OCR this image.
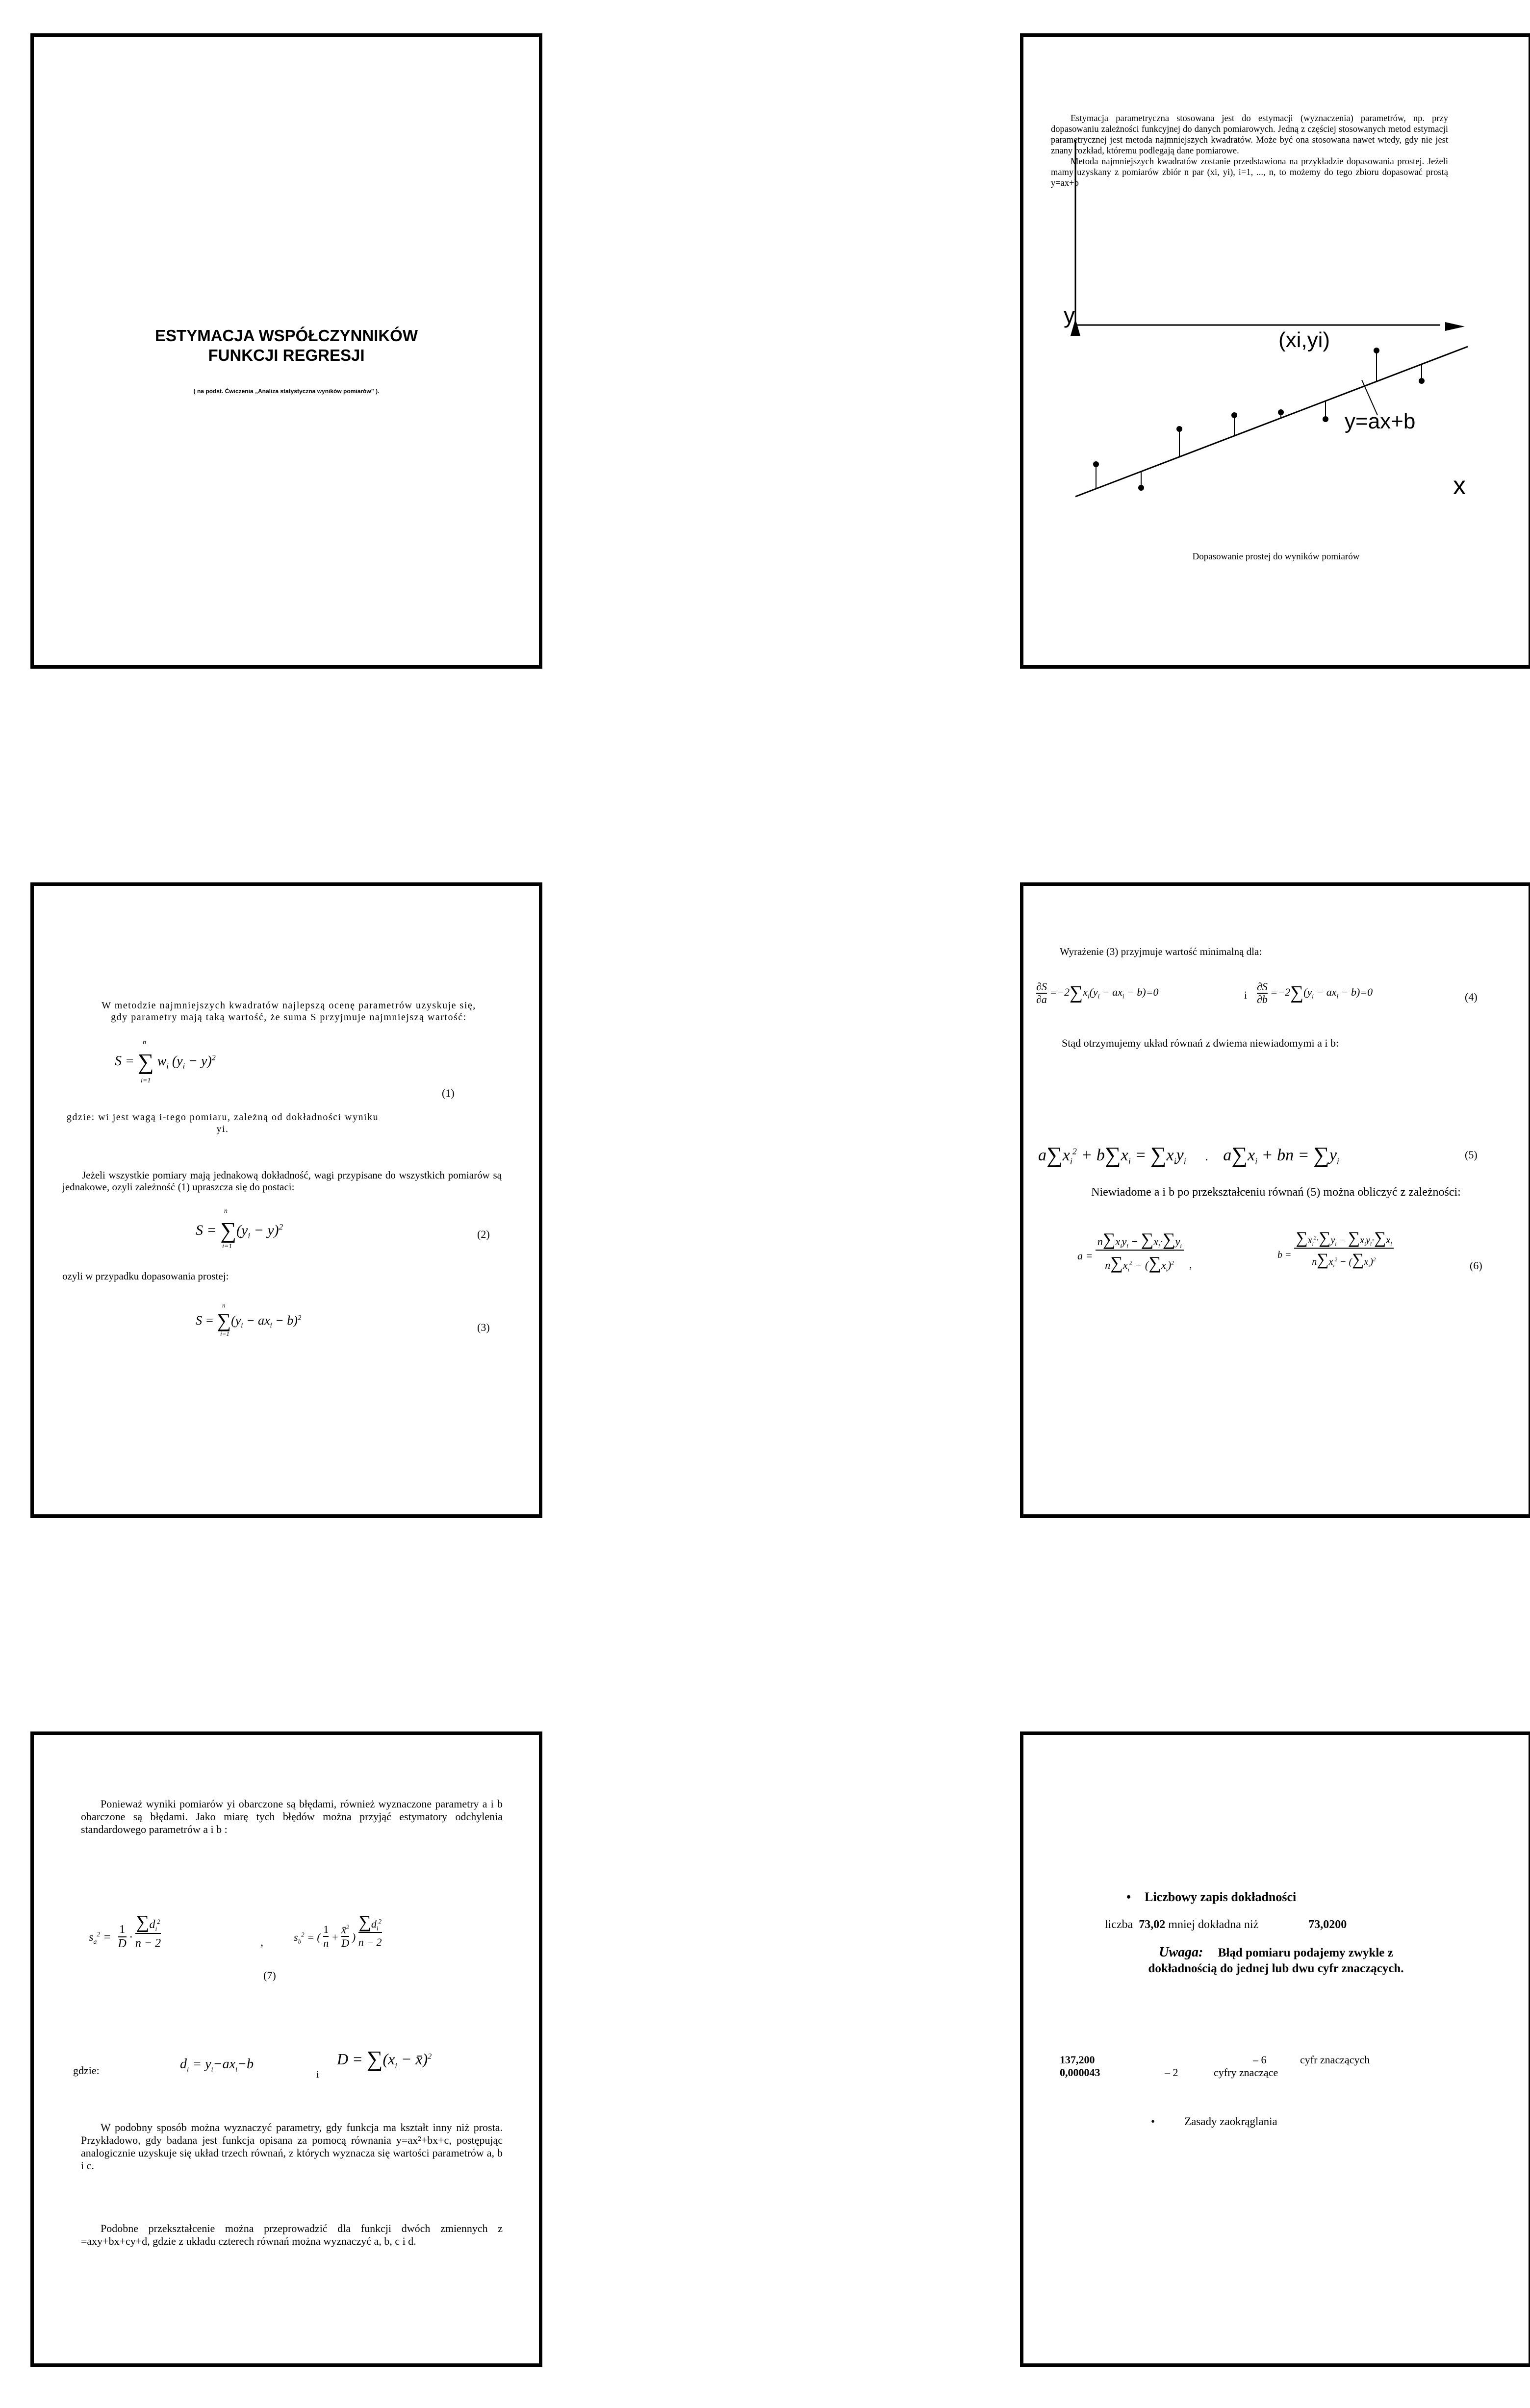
ESTYMACJA WSPÓŁCZYNNIKÓW
FUNKCJI REGRESJI
( na podst. Ćwiczenia „Analiza statystyczna wyników pomiarów” ).

Estymacja parametryczna stosowana jest do estymacji (wyznaczenia) parametrów, np. przy dopasowaniu zależności funkcyjnej do danych pomiarowych. Jedną z częściej stosowanych metod estymacji parametrycznej jest metoda najmniejszych kwadratów. Może być ona stosowana nawet wtedy, gdy nie jest znany rozkład, któremu podlegają dane pomiarowe.

Metoda najmniejszych kwadratów zostanie przedstawiona na przykładzie dopasowania prostej. Jeżeli mamy uzyskany z pomiarów zbiór n par (xi, yi), i=1, ..., n, to możemy do tego zbioru dopasować prostą y=ax+b

y
x
(xi,yi)
y=ax+b
Dopasowanie prostej do wyników pomiarów
W metodzie najmniejszych kwadratów najlepszą ocenę parametrów uzyskuje się, gdy parametry mają taką wartość, że suma S przyjmuje najmniejszą wartość:
S = ∑ $w_i$ $(y_i - y)^2$
n
i=1
(1)
gdzie: wi jest wagą i-tego pomiaru, zależną od dokładności wyniku yi.
Jeżeli wszystkie pomiary mają jednakową dokładność, wagi przypisane do wszystkich pomiarów są jednakowe, ozyli zależność (1) upraszcza się do postaci:
$S = \sum(y_i - y)^2$
n
i=1
(2)
ozyli w przypadku dopasowania prostej:
$S = \sum(y_i - ax_i - b)^2$
n
i=1
(3)
Wyrażenie (3) przyjmuje wartość minimalną dla:
∂S
$\partial a =-2\sum x_i(y_i - ax_i - b)=0$	i
∂S
$\partial b =-2\sum(y_i - ax_i - b)=0$	(4)
Stąd otrzymujemy układ równań z dwiema niewiadomymi a i b:
$a\sum x_i^2 + b\sum x_i = \sum x_iy_i$ . $a\sum x_i$ + bn = $\sum y_i$
(5)
Niewiadome a i b po przekształceniu równań (5) można obliczyć z zależności:
a =
$n\sum x_iy_i - \sum x_i\cdot\sum y_i$
$n\sum x_i^2 - (\sum x_i)^2$	,
b =
$\sum x_i^2\cdot\sum y_i - \sum x_iy_i\cdot\sum x_i$
$n\sum x_i^2 - (\sum x_i)^2$	(6)
Ponieważ wyniki pomiarów yi obarczone są błędami, również wyznaczone parametry a i b obarczone są błędami. Jako miarę tych błędów można przyjąć estymatory odchylenia standardowego parametrów a i b :
$s_a^2 = \frac{1}{D} \cdot \frac{\sum d_i^2}{n - 2}$	,	$s_b^2$ = ( $\frac{1}{n} + \frac{x̄^2}{D}$ ) $\frac{\sum d_i^2}{n - 2}$
(7)
gdzie:	$d_i = y_i-ax_i-b$
i
$D = \sum(x_i$ − x̄)$^2$
W podobny sposób można wyznaczyć parametry, gdy funkcja ma kształt inny niż prosta. Przykładowo, gdy badana jest funkcja opisana za pomocą równania y=ax²+bx+c, postępując analogicznie uzyskuje się układ trzech równań, z których wyznacza się wartości parametrów a, b i c.
Podobne przekształcenie można przeprowadzić dla funkcji dwóch zmiennych z =axy+bx+cy+d, gdzie z układu czterech równań można wyznaczyć a, b, c i d.
• Liczbowy zapis dokładności
liczba 73,02 mniej dokładna niż	73,0200
Uwaga: Błąd pomiaru podajemy zwykle z
dokładnością do jednej lub dwu cyfr znaczących.
137,200	– 6	cyfr znaczących
0,000043	– 2	cyfry znaczące
•	Zasady zaokrąglania
